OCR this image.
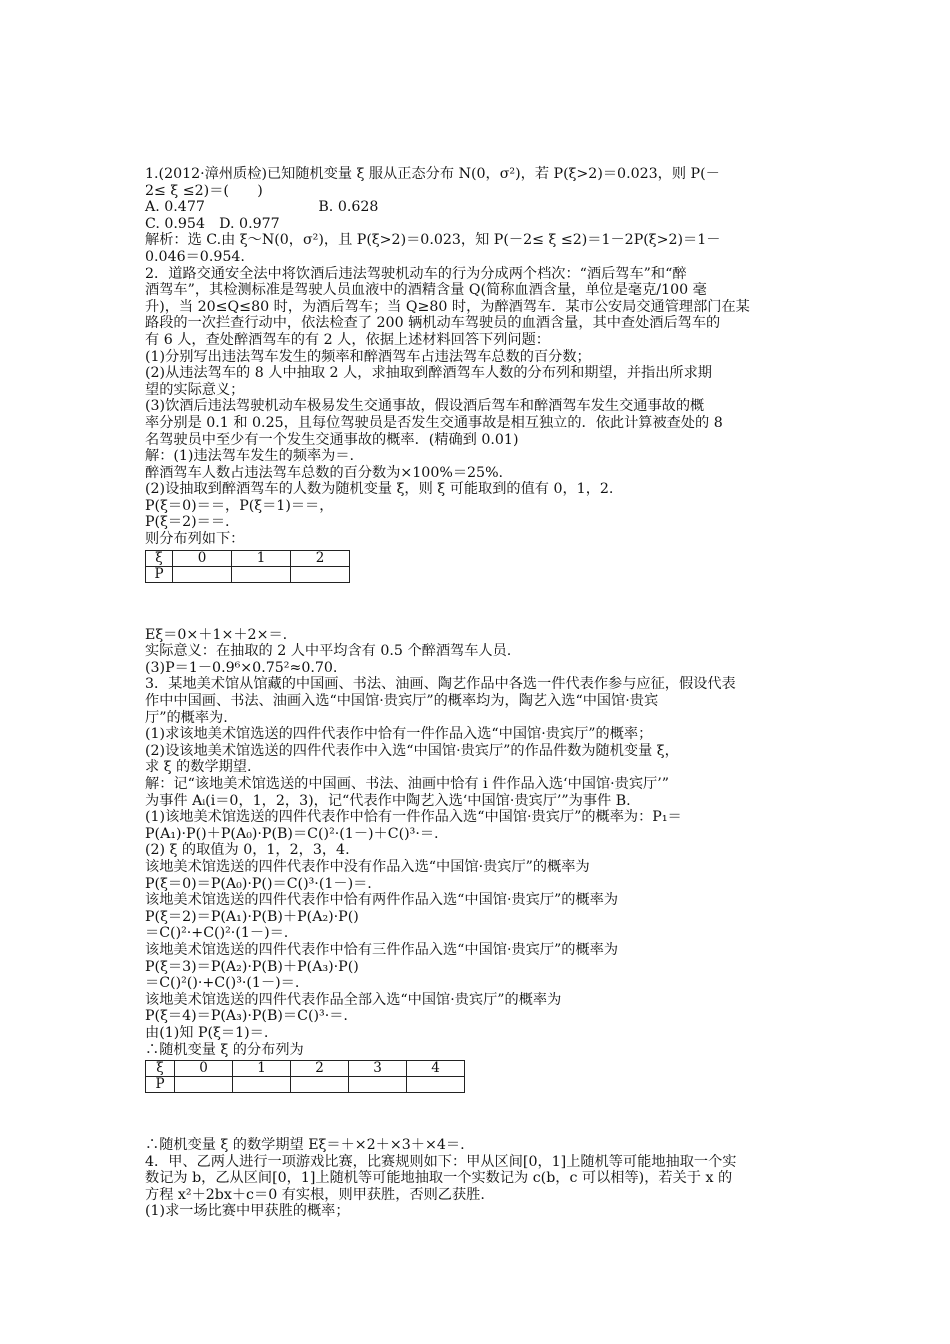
1.(2012·漳州质检)已知随机变量 ξ 服从正态分布 N(0，σ²)，若 P(ξ>2)＝0.023，则 P(－
2≤ ξ ≤2)＝(　　)
A. 0.477　　　　　　　　B. 0.628
C. 0.954　D. 0.977
解析：选 C.由 ξ～N(0，σ²)，且 P(ξ>2)＝0.023，知 P(－2≤ ξ ≤2)＝1－2P(ξ>2)＝1－
0.046＝0.954.
2．道路交通安全法中将饮酒后违法驾驶机动车的行为分成两个档次：“酒后驾车”和“醉
酒驾车”，其检测标准是驾驶人员血液中的酒精含量 Q(简称血酒含量，单位是毫克/100 毫
升)，当 20≤Q≤80 时，为酒后驾车；当 Q≥80 时，为醉酒驾车．某市公安局交通管理部门在某
路段的一次拦查行动中，依法检查了 200 辆机动车驾驶员的血酒含量，其中查处酒后驾车的
有 6 人，查处醉酒驾车的有 2 人，依据上述材料回答下列问题：
(1)分别写出违法驾车发生的频率和醉酒驾车占违法驾车总数的百分数；
(2)从违法驾车的 8 人中抽取 2 人，求抽取到醉酒驾车人数的分布列和期望，并指出所求期
望的实际意义；
(3)饮酒后违法驾驶机动车极易发生交通事故，假设酒后驾车和醉酒驾车发生交通事故的概
率分别是 0.1 和 0.25，且每位驾驶员是否发生交通事故是相互独立的．依此计算被查处的 8
名驾驶员中至少有一个发生交通事故的概率．(精确到 0.01)
解：(1)违法驾车发生的频率为＝.
醉酒驾车人数占违法驾车总数的百分数为×100%＝25%.
(2)设抽取到醉酒驾车的人数为随机变量 ξ，则 ξ 可能取到的值有 0，1，2.
P(ξ＝0)＝＝，P(ξ＝1)＝＝，
P(ξ＝2)＝＝.
则分布列如下：
ξ	0	1	2
P			
Eξ＝0×＋1×＋2×＝.
实际意义：在抽取的 2 人中平均含有 0.5 个醉酒驾车人员.
(3)P＝1－0.9⁶×0.75²≈0.70.
3．某地美术馆从馆藏的中国画、书法、油画、陶艺作品中各选一件代表作参与应征，假设代表
作中中国画、书法、油画入选“中国馆·贵宾厅”的概率均为，陶艺入选“中国馆·贵宾
厅”的概率为.
(1)求该地美术馆选送的四件代表作中恰有一件作品入选“中国馆·贵宾厅”的概率；
(2)设该地美术馆选送的四件代表作中入选“中国馆·贵宾厅”的作品件数为随机变量 ξ，
求 ξ 的数学期望.
解：记“该地美术馆选送的中国画、书法、油画中恰有 i 件作品入选‘中国馆·贵宾厅’”
为事件 Aᵢ(i＝0，1，2，3)，记“代表作中陶艺入选‘中国馆·贵宾厅’”为事件 B.
(1)该地美术馆选送的四件代表作中恰有一件作品入选“中国馆·贵宾厅”的概率为：P₁＝
P(A₁)·P()＋P(A₀)·P(B)＝C()²·(1－)＋C()³·＝.
(2) ξ 的取值为 0，1，2，3，4.
该地美术馆选送的四件代表作中没有作品入选“中国馆·贵宾厅”的概率为
P(ξ＝0)＝P(A₀)·P()＝C()³·(1－)＝.
该地美术馆选送的四件代表作中恰有两件作品入选“中国馆·贵宾厅”的概率为
P(ξ＝2)＝P(A₁)·P(B)＋P(A₂)·P()
＝C()²·+C()²·(1－)＝.
该地美术馆选送的四件代表作中恰有三件作品入选“中国馆·贵宾厅”的概率为
P(ξ＝3)＝P(A₂)·P(B)＋P(A₃)·P()
＝C()²()·+C()³·(1－)＝.
该地美术馆选送的四件代表作品全部入选“中国馆·贵宾厅”的概率为
P(ξ＝4)＝P(A₃)·P(B)＝C()³·＝.
由(1)知 P(ξ＝1)＝.
∴随机变量 ξ 的分布列为
ξ	0	1	2	3	4
P					
∴随机变量 ξ 的数学期望 Eξ＝＋×2＋×3＋×4＝.
4．甲、乙两人进行一项游戏比赛，比赛规则如下：甲从区间[0，1]上随机等可能地抽取一个实
数记为 b，乙从区间[0，1]上随机等可能地抽取一个实数记为 c(b，c 可以相等)，若关于 x 的
方程 x²＋2bx＋c＝0 有实根，则甲获胜，否则乙获胜.
(1)求一场比赛中甲获胜的概率；
